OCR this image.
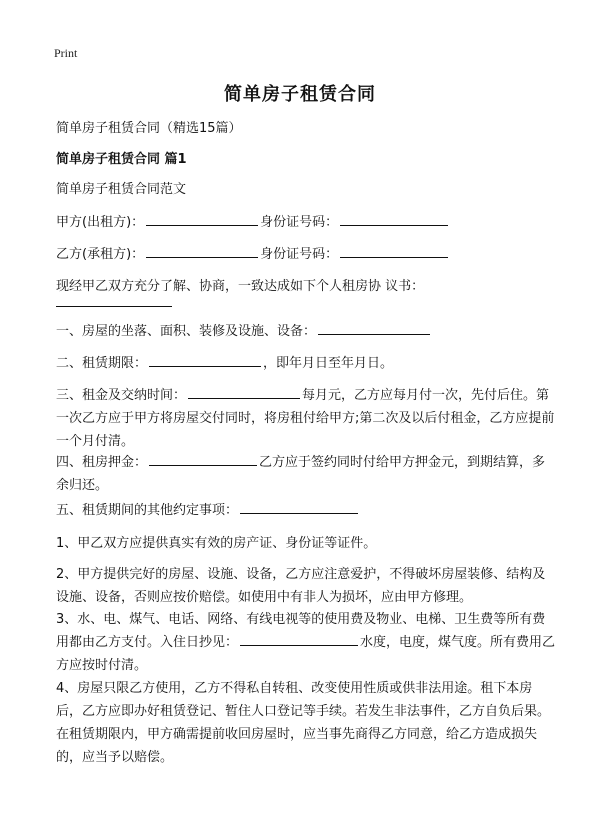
Print
简单房子租赁合同
简单房子租赁合同（精选15篇）
简单房子租赁合同 篇1
简单房子租赁合同范文
甲方(出租方)：	身份证号码：
乙方(承租方)：	身份证号码：
现经甲乙双方充分了解、协商，一致达成如下个人租房协 议书：
一、房屋的坐落、面积、装修及设施、设备：
二、租赁期限：	，即年月日至年月日。
三、租金及交纳时间：	每月元，乙方应每月付一次，先付后住。第一次乙方应于甲方将房屋交付同时，将房租付给甲方;第二次及以后付租金，乙方应提前一个月付清。
四、租房押金：	乙方应于签约同时付给甲方押金元，到期结算，多余归还。
五、租赁期间的其他约定事项：
1、甲乙双方应提供真实有效的房产证、身份证等证件。
2、甲方提供完好的房屋、设施、设备，乙方应注意爱护，不得破坏房屋装修、结构及设施、设备，否则应按价赔偿。如使用中有非人为损坏，应由甲方修理。
3、水、电、煤气、电话、网络、有线电视等的使用费及物业、电梯、卫生费等所有费用都由乙方支付。入住日抄见：	水度，电度，煤气度。所有费用乙方应按时付清。
4、房屋只限乙方使用，乙方不得私自转租、改变使用性质或供非法用途。租下本房后，乙方应即办好租赁登记、暂住人口登记等手续。若发生非法事件，乙方自负后果。在租赁期限内，甲方确需提前收回房屋时，应当事先商得乙方同意，给乙方造成损失的，应当予以赔偿。
